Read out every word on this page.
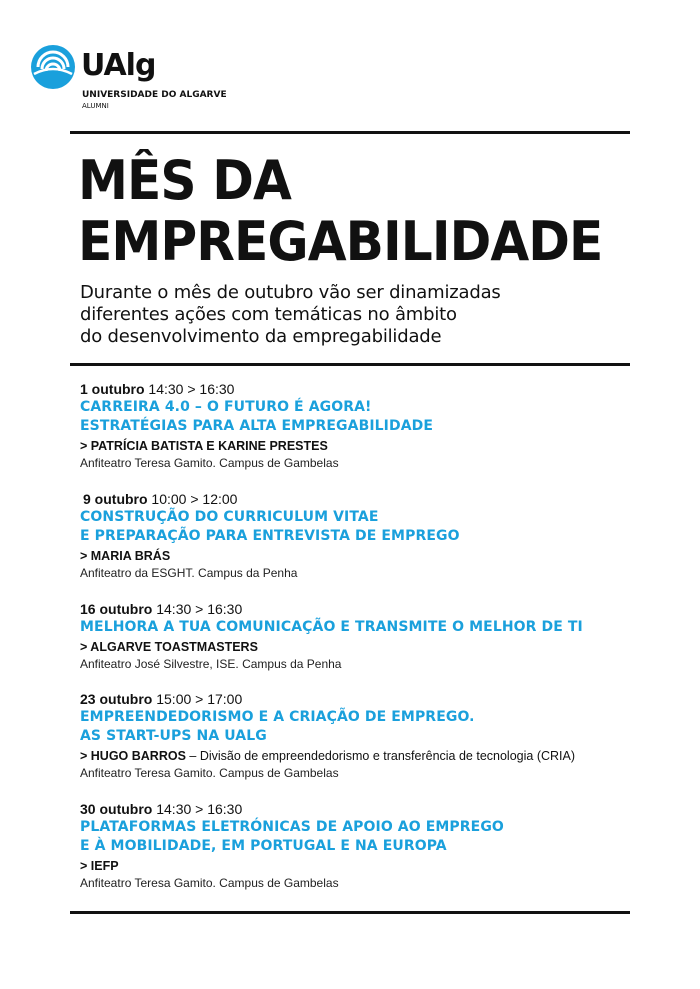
UAlg
UNIVERSIDADE DO ALGARVE
ALUMNI
MÊS DA
EMPREGABILIDADE

Durante o mês de outubro vão ser dinamizadas
diferentes ações com temáticas no âmbito
do desenvolvimento da empregabilidade

1 outubro 14:30 > 16:30
CARREIRA 4.0 – O FUTURO É AGORA!
ESTRATÉGIAS PARA ALTA EMPREGABILIDADE
> PATRÍCIA BATISTA E KARINE PRESTES
Anfiteatro Teresa Gamito. Campus de Gambelas
9 outubro 10:00 > 12:00
CONSTRUÇÃO DO CURRICULUM VITAE
E PREPARAÇÃO PARA ENTREVISTA DE EMPREGO
> MARIA BRÁS
Anfiteatro da ESGHT. Campus da Penha
16 outubro 14:30 > 16:30
MELHORA A TUA COMUNICAÇÃO E TRANSMITE O MELHOR DE TI
> ALGARVE TOASTMASTERS
Anfiteatro José Silvestre, ISE. Campus da Penha
23 outubro 15:00 > 17:00
EMPREENDEDORISMO E A CRIAÇÃO DE EMPREGO.
AS START-UPS NA UALG
> HUGO BARROS – Divisão de empreendedorismo e transferência de tecnologia (CRIA)
Anfiteatro Teresa Gamito. Campus de Gambelas
30 outubro 14:30 > 16:30
PLATAFORMAS ELETRÓNICAS DE APOIO AO EMPREGO
E À MOBILIDADE, EM PORTUGAL E NA EUROPA
> IEFP
Anfiteatro Teresa Gamito. Campus de Gambelas
